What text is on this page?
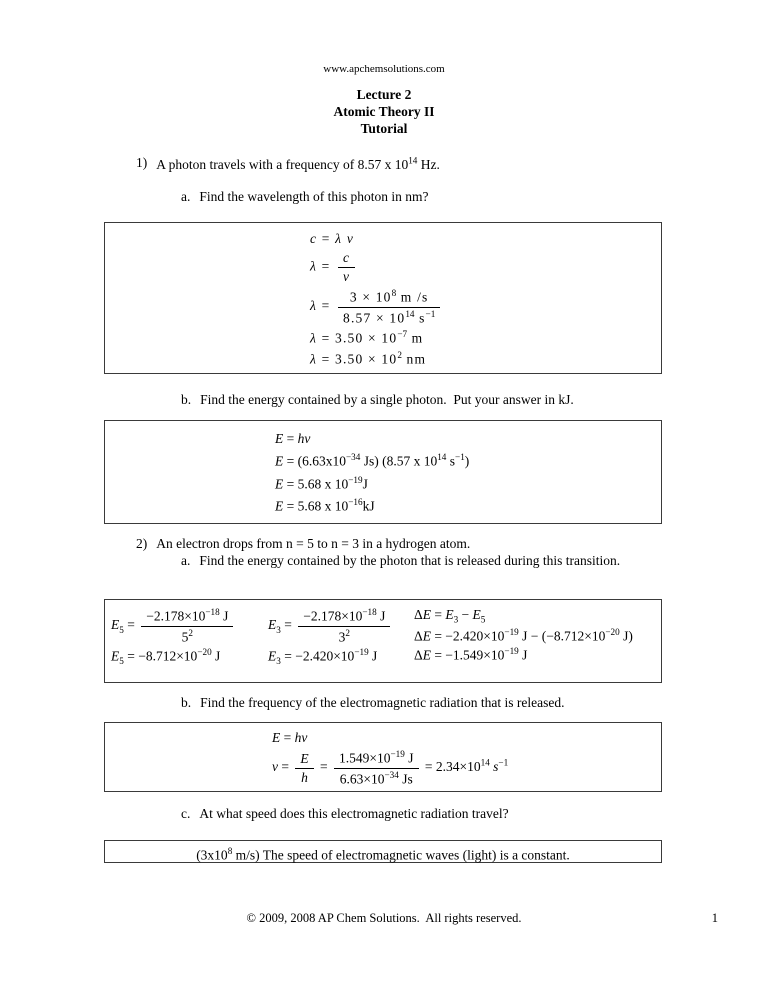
www.apchemsolutions.com
Lecture 2
Atomic Theory II
Tutorial
1) A photon travels with a frequency of 8.57 x $10^{14}$ Hz.
a. Find the wavelength of this photon in nm?
c = λ ν
$\lambda = \frac{c}{\nu}$
$\lambda = \frac{3 \times 10^8 m /s}{8.57 \times 10^{14} s^{-1}}$
$\lambda = 3.50 \times 10^{-7}$ m
$\lambda = 3.50 \times 10^2$ nm
b. Find the energy contained by a single photon.  Put your answer in kJ.
E = hν
$E = (6.63x10^{-34}$ Js) (8.57 x $10^{14}$ $s^{-1}$)
E = 5.68 x $10^{-19}J$
E = 5.68 x $10^{-16}kJ$
2) An electron drops from n = 5 to n = 3 in a hydrogen atom.
a. Find the energy contained by the photon that is released during this transition.
$E_5 = \frac{-2.178\times 10^{-18} J}{5^2}$
$E_5 = -8.712\times 10^{-20}$ J
$E_3 = \frac{-2.178\times 10^{-18} J}{3^2}$
$E_3 = -2.420\times 10^{-19}$ J
$\Delta E = E_3 - E_5$
$\Delta E = -2.420\times 10^{-19}$ $J - (-8.712\times 10^{-20}$ J)
$\Delta E = -1.549\times 10^{-19}$ J
b. Find the frequency of the electromagnetic radiation that is released.
E = hν
$\nu = \frac{E}{h} = \frac{1.549\times 10^{-19} J}{6.63\times 10^{-34} Js} = 2.34\times 10^{14}$ $s^{-1}$
c. At what speed does this electromagnetic radiation travel?
($3x10^8$ m/s) The speed of electromagnetic waves (light) is a constant.
© 2009, 2008 AP Chem Solutions.  All rights reserved.	1
